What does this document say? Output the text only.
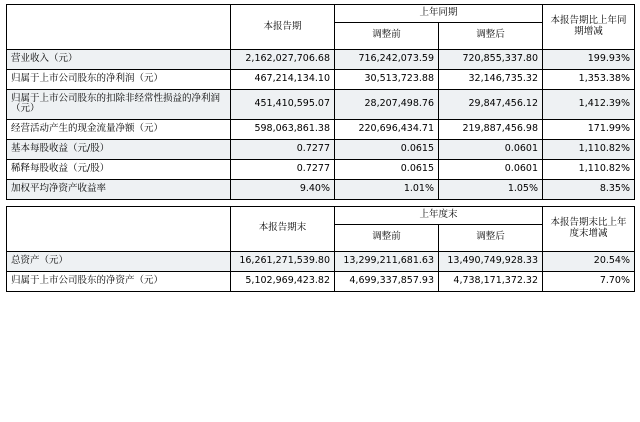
	本报告期	上年同期		本报告期比上年同期增减
		调整前	调整后	
营业收入（元）	2,162,027,706.68	716,242,073.59	720,855,337.80	199.93%
归属于上市公司股东的净利润（元）	467,214,134.10	30,513,723.88	32,146,735.32	1,353.38%
归属于上市公司股东的扣除非经常性损益的净利润（元）	451,410,595.07	28,207,498.76	29,847,456.12	1,412.39%
经营活动产生的现金流量净额（元）	598,063,861.38	220,696,434.71	219,887,456.98	171.99%
基本每股收益（元/股）	0.7277	0.0615	0.0601	1,110.82%
稀释每股收益（元/股）	0.7277	0.0615	0.0601	1,110.82%
加权平均净资产收益率	9.40%	1.01%	1.05%	8.35%
	本报告期末	上年度末		本报告期末比上年度末增减
		调整前	调整后	
总资产（元）	16,261,271,539.80	13,299,211,681.63	13,490,749,928.33	20.54%
归属于上市公司股东的净资产（元）	5,102,969,423.82	4,699,337,857.93	4,738,171,372.32	7.70%
